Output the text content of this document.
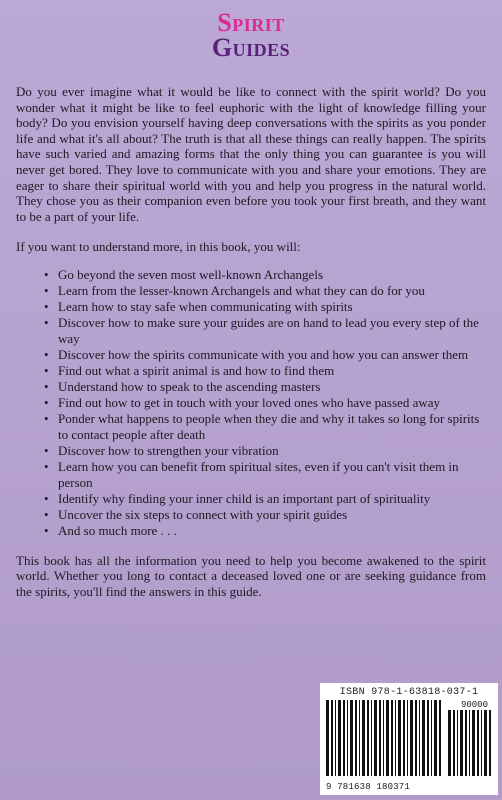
Spirit
Guides

Do you ever imagine what it would be like to connect with the spirit world? Do you wonder what it might be like to feel euphoric with the light of knowledge filling your body? Do you envision yourself having deep conversations with the spirits as you ponder life and what it's all about? The truth is that all these things can really happen. The spirits have such varied and amazing forms that the only thing you can guarantee is you will never get bored. They love to communicate with you and share your emotions. They are eager to share their spiritual world with you and help you progress in the natural world. They chose you as their companion even before you took your first breath, and they want to be a part of your life.

If you want to understand more, in this book, you will:

• Go beyond the seven most well-known Archangels
• Learn from the lesser-known Archangels and what they can do for you
• Learn how to stay safe when communicating with spirits
• Discover how to make sure your guides are on hand to lead you every step of the way
• Discover how the spirits communicate with you and how you can answer them
• Find out what a spirit animal is and how to find them
• Understand how to speak to the ascending masters
• Find out how to get in touch with your loved ones who have passed away
• Ponder what happens to people when they die and why it takes so long for spirits to contact people after death
• Discover how to strengthen your vibration
• Learn how you can benefit from spiritual sites, even if you can't visit them in person
• Identify why finding your inner child is an important part of spirituality
• Uncover the six steps to connect with your spirit guides
• And so much more . . .

This book has all the information you need to help you become awakened to the spirit world. Whether you long to contact a deceased loved one or are seeking guidance from the spirits, you'll find the answers in this guide.

ISBN 978-1-63818-037-1
90000
9 781638 180371
